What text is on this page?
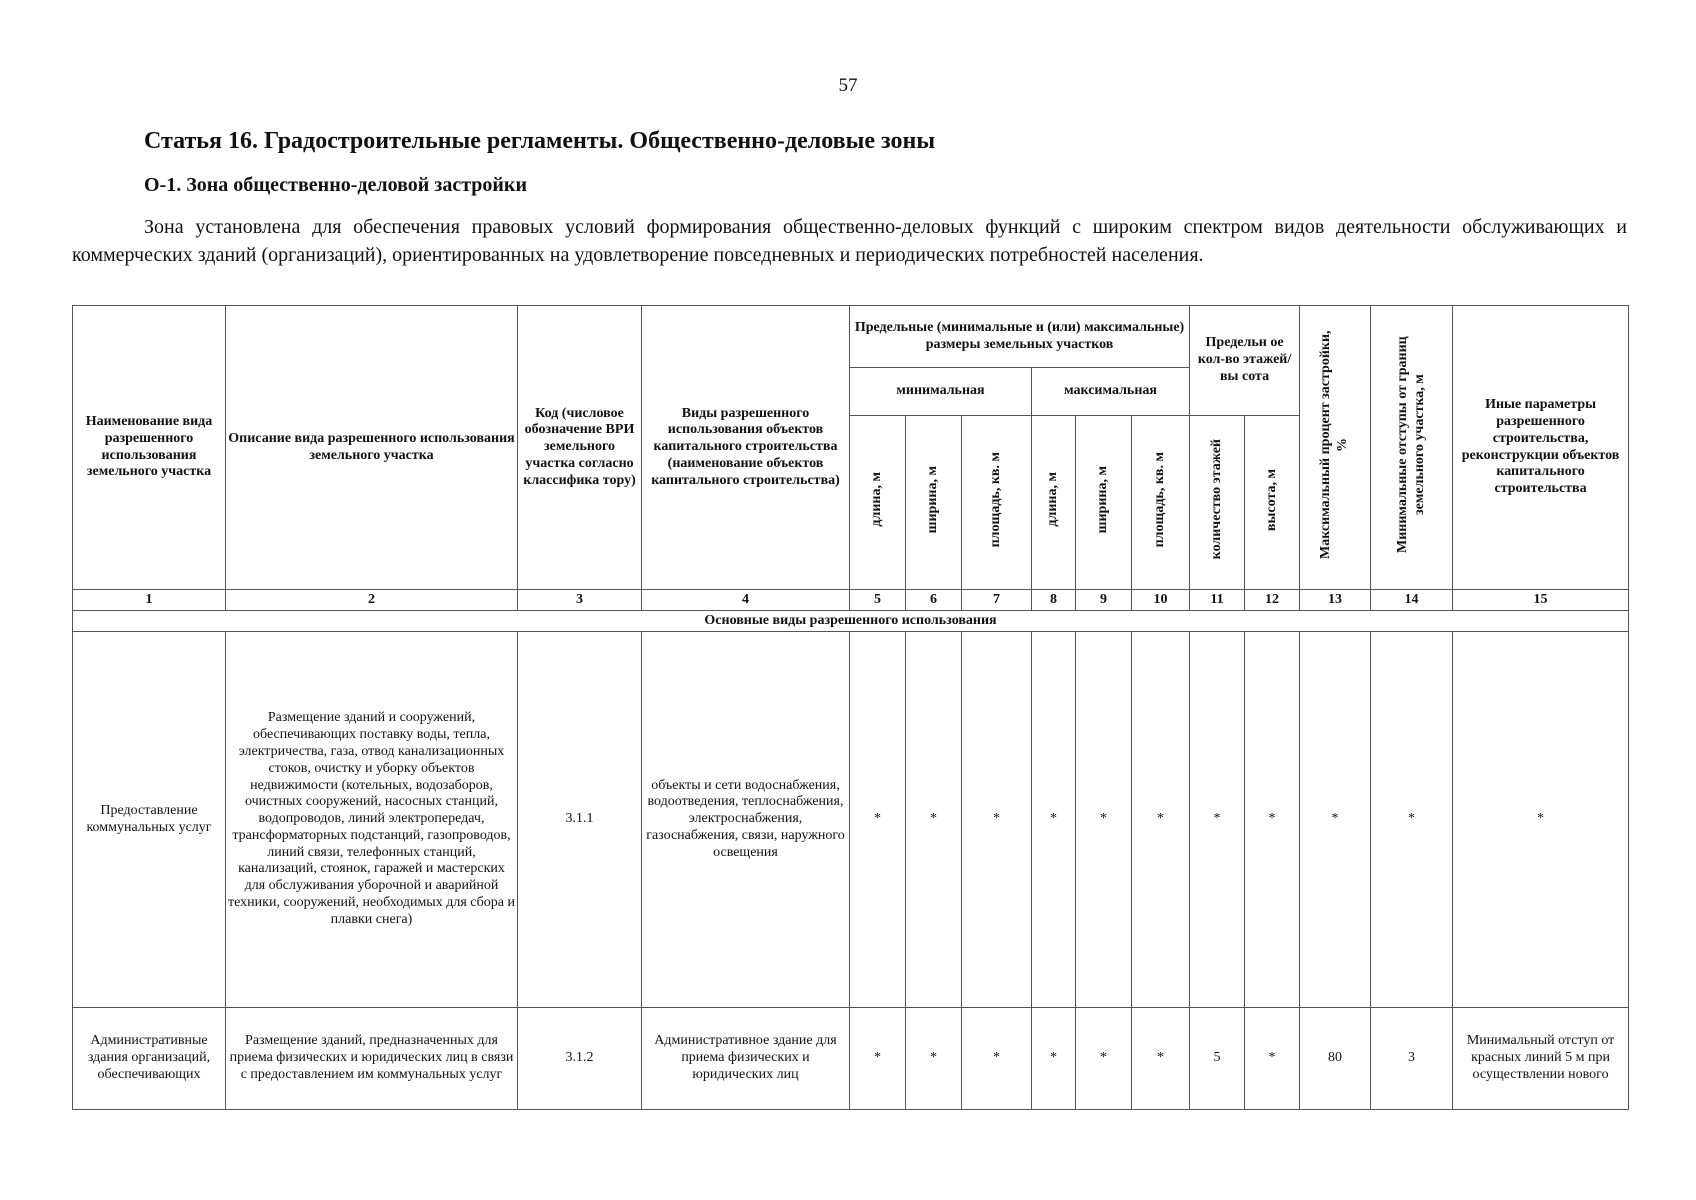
57
Статья 16. Градостроительные регламенты. Общественно-деловые зоны
О-1. Зона общественно-деловой застройки

Зона установлена для обеспечения правовых условий формирования общественно-деловых функций с широким спектром видов деятельности обслуживающих и коммерческих зданий (организаций), ориентированных на удовлетворение повседневных и периодических потребностей населения.

Наименование вида разрешенного использования земельного участка	Описание вида разрешенного использования земельного участка	Код (числовое обозначение ВРИ земельного участка согласно классифика тору)	Виды разрешенного использования объектов капитального строительства (наименование объектов капитального строительства)	Предельные (минимальные и (или) максимальные) размеры земельных участков						Предельн ое кол-во этажей/вы сота		Максимальный процент застройки, %	Минимальные отступы от границ земельного участка, м	Иные параметры разрешенного строительства, реконструкции объектов капитального строительства
				минимальная			максимальная							
				длина, м	ширина, м	площадь, кв. м	длина, м	ширина, м	площадь, кв. м	количество этажей	высота, м			
1	2	3	4	5	6	7	8	9	10	11	12	13	14	15
Основные виды разрешенного использования														
Предоставление коммунальных услуг	Размещение зданий и сооружений, обеспечивающих поставку воды, тепла, электричества, газа, отвод канализационных стоков, очистку и уборку объектов недвижимости (котельных, водозаборов, очистных сооружений, насосных станций, водопроводов, линий электропередач, трансформаторных подстанций, газопроводов, линий связи, телефонных станций, канализаций, стоянок, гаражей и мастерских для обслуживания уборочной и аварийной техники, сооружений, необходимых для сбора и плавки снега)	3.1.1	объекты и сети водоснабжения, водоотведения, теплоснабжения, электроснабжения, газоснабжения, связи, наружного освещения	*	*	*	*	*	*	*	*	*	*	*
Административные здания организаций, обеспечивающих	Размещение зданий, предназначенных для приема физических и юридических лиц в связи с предоставлением им коммунальных услуг	3.1.2	Административное здание для приема физических и юридических лиц	*	*	*	*	*	*	5	*	80	3	Минимальный отступ от красных линий 5 м при осуществлении нового
